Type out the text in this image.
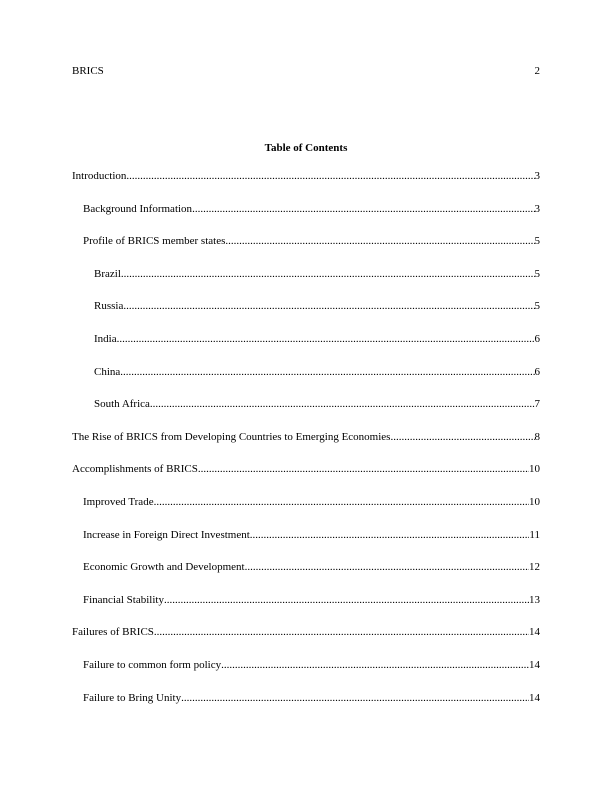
BRICS	2
Table of Contents
Introduction .....	3
Background Information .....	3
Profile of BRICS member states .....	5
Brazil .....	5
Russia .....	5
India .....	6
China .....	6
South Africa .....	7
The Rise of BRICS from Developing Countries to Emerging Economies .....	8
Accomplishments of BRICS .....	10
Improved Trade .....	10
Increase in Foreign Direct Investment .....	11
Economic Growth and Development .....	12
Financial Stability .....	13
Failures of BRICS .....	14
Failure to common form policy .....	14
Failure to Bring Unity .....	14
